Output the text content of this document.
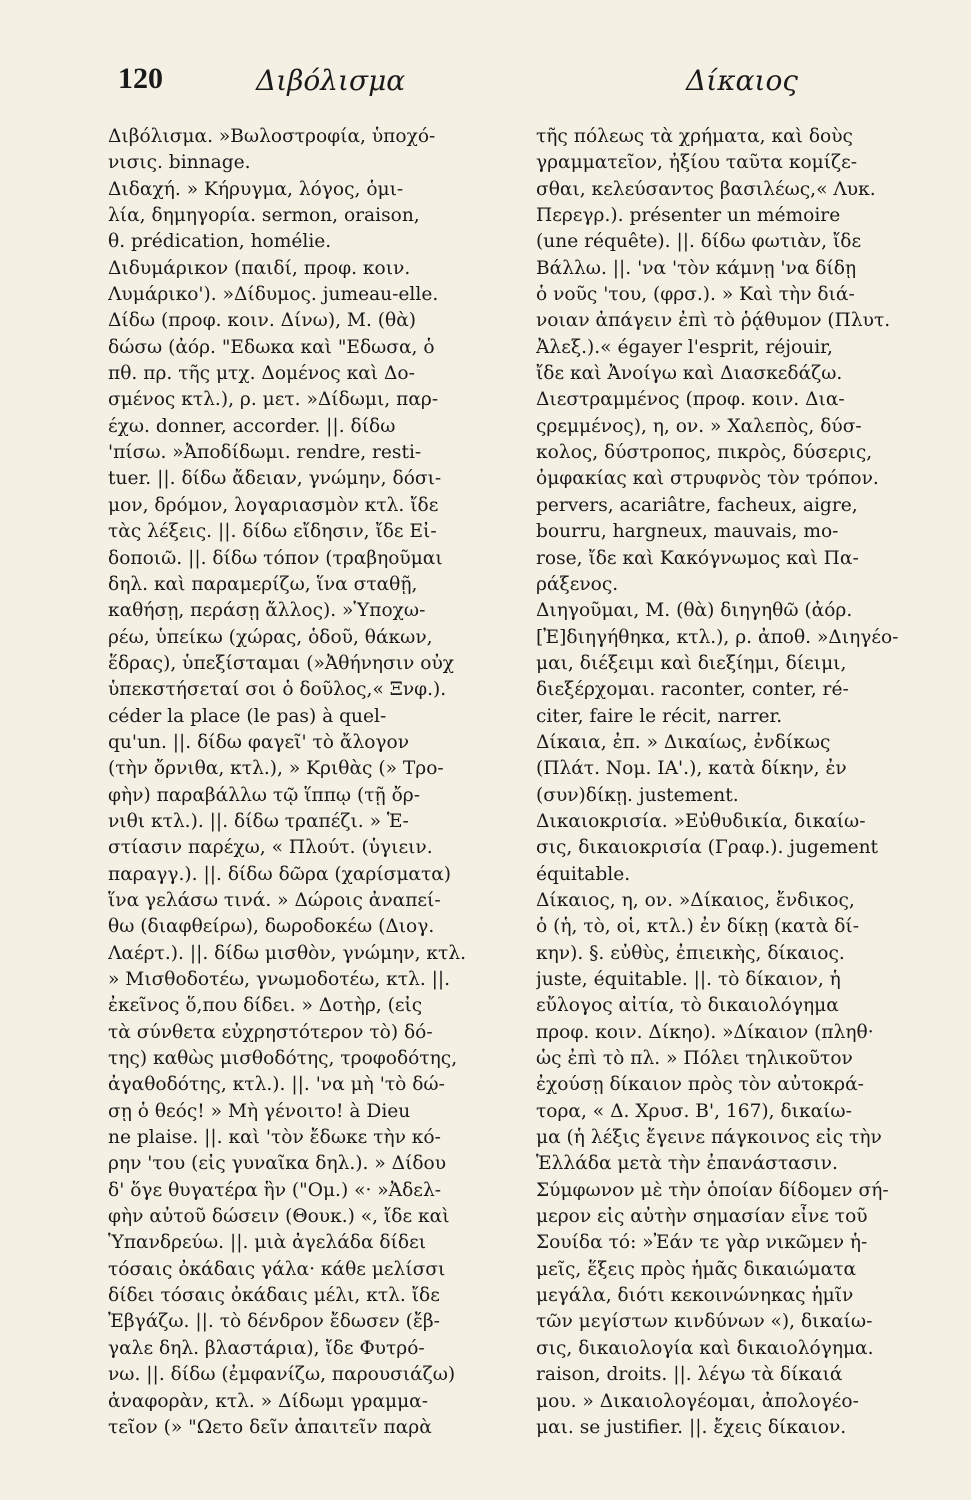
120	Διβόλισμα	Δίκαιος
Διβόλισμα. »Βωλοστροφία, ὑποχό-
νισις. binnage.
Διδαχή. » Κήρυγμα, λόγος, ὁμι-
λία, δημηγορία. sermon, oraison,
θ. prédication, homélie.
Διδυμάρικον (παιδί, προφ. κοιν.
Λυμάρικο'). »Δίδυμος. jumeau-elle.
Δίδω (προφ. κοιν. Δίνω), Μ. (θὰ)
δώσω (ἀόρ. "Εδωκα καὶ "Εδωσα, ὁ
πθ. πρ. τῆς μτχ. Δομένος καὶ Δο-
σμένος κτλ.), ρ. μετ. »Δίδωμι, παρ-
έχω. donner, accorder. ||. δίδω
'πίσω. »Ἀποδίδωμι. rendre, resti-
tuer. ||. δίδω ἄδειαν, γνώμην, δόσι-
μον, δρόμον, λογαριασμὸν κτλ. ἴδε
τὰς λέξεις. ||. δίδω εἴδησιν, ἴδε Εἰ-
δοποιῶ. ||. δίδω τόπον (τραβηοῦμαι
δηλ. καὶ παραμερίζω, ἵνα σταθῇ,
καθήσῃ, περάσῃ ἄλλος). »Ὑποχω-
ρέω, ὑπείκω (χώρας, ὁδοῦ, θάκων,
ἕδρας), ὑπεξίσταμαι (»Ἀθήνησιν οὐχ
ὑπεκστήσεταί σοι ὁ δοῦλος,« Ξνφ.).
céder la place (le pas) à quel-
qu'un. ||. δίδω φαγεῖ' τὸ ἄλογον
(τὴν ὄρνιθα, κτλ.), » Κριθὰς (» Τρο-
φὴν) παραβάλλω τῷ ἵππῳ (τῇ ὄρ-
νιθι κτλ.). ||. δίδω τραπέζι. » Ἑ-
στίασιν παρέχω, « Πλούτ. (ὑγιειν.
παραγγ.). ||. δίδω δῶρα (χαρίσματα)
ἵνα γελάσω τινά. » Δώροις ἀναπεί-
θω (διαφθείρω), δωροδοκέω (Διογ.
Λαέρτ.). ||. δίδω μισθὸν, γνώμην, κτλ.
» Μισθοδοτέω, γνωμοδοτέω, κτλ. ||.
ἐκεῖνος ὅ,που δίδει. » Δοτὴρ, (εἰς
τὰ σύνθετα εὐχρηστότερον τὸ) δό-
της) καθὼς μισθοδότης, τροφοδότης,
ἀγαθοδότης, κτλ.). ||. 'να μὴ 'τὸ δώ-
σῃ ὁ θεός! » Μὴ γένοιτο! à Dieu
ne plaise. ||. καὶ 'τὸν ἔδωκε τὴν κό-
ρην 'του (εἰς γυναῖκα δηλ.). » Δίδου
δ' ὅγε θυγατέρα ἣν ("Ομ.) «· »Ἀδελ-
φὴν αὐτοῦ δώσειν (Θουκ.) «, ἴδε καὶ
Ὑπανδρεύω. ||. μιὰ ἀγελάδα δίδει
τόσαις ὀκάδαις γάλα· κάθε μελίσσι
δίδει τόσαις ὀκάδαις μέλι, κτλ. ἴδε
Ἐβγάζω. ||. τὸ δένδρον ἔδωσεν (ἔβ-
γαλε δηλ. βλαστάρια), ἴδε Φυτρό-
νω. ||. δίδω (ἐμφανίζω, παρουσιάζω)
ἀναφορὰν, κτλ. » Δίδωμι γραμμα-
τεῖον (» "Ωετο δεῖν ἀπαιτεῖν παρὰ
τῆς πόλεως τὰ χρήματα, καὶ δοὺς
γραμματεῖον, ἠξίου ταῦτα κομίζε-
σθαι, κελεύσαντος βασιλέως,« Λυκ.
Περεγρ.). présenter un mémoire
(une réquête). ||. δίδω φωτιὰν, ἴδε
Βάλλω. ||. 'να 'τὸν κάμνῃ 'να δίδῃ
ὁ νοῦς 'του, (φρσ.). » Καὶ τὴν διά-
νοιαν ἀπάγειν ἐπὶ τὸ ῥᾴθυμον (Πλυτ.
Ἀλεξ.).« égayer l'esprit, réjouir,
ἴδε καὶ Ἀνοίγω καὶ Διασκεδάζω.
Διεστραμμένος (προφ. κοιν. Δια-
ςρεμμένος), η, ον. » Χαλεπὸς, δύσ-
κολος, δύστροπος, πικρὸς, δύσερις,
ὀμφακίας καὶ στρυφνὸς τὸν τρόπον.
pervers, acariâtre, facheux, aigre,
bourru, hargneux, mauvais, mo-
rose, ἴδε καὶ Κακόγνωμος καὶ Πα-
ράξενος.
Διηγοῦμαι, Μ. (θὰ) διηγηθῶ (ἀόρ.
[Ἐ]διηγήθηκα, κτλ.), ρ. ἀποθ. »Διηγέο-
μαι, διέξειμι καὶ διεξίημι, δίειμι,
διεξέρχομαι. raconter, conter, ré-
citer, faire le récit, narrer.
Δίκαια, ἐπ. » Δικαίως, ἐνδίκως
(Πλάτ. Νομ. ΙΑ'.), κατὰ δίκην, ἐν
(συν)δίκῃ. justement.
Δικαιοκρισία. »Εὐθυδικία, δικαίω-
σις, δικαιοκρισία (Γραφ.). jugement
équitable.
Δίκαιος, η, ον. »Δίκαιος, ἔνδικος,
ὁ (ἡ, τὸ, οἱ, κτλ.) ἐν δίκῃ (κατὰ δί-
κην). §. εὐθὺς, ἐπιεικὴς, δίκαιος.
juste, équitable. ||. τὸ δίκαιον, ἡ
εὔλογος αἰτία, τὸ δικαιολόγημα
προφ. κοιν. Δίκηο). »Δίκαιον (πληθ·
ὡς ἐπὶ τὸ πλ. » Πόλει τηλικοῦτον
ἐχούσῃ δίκαιον πρὸς τὸν αὐτοκρά-
τορα, « Δ. Χρυσ. Β', 167), δικαίω-
μα (ἡ λέξις ἔγεινε πάγκοινος εἰς τὴν
Ἑλλάδα μετὰ τὴν ἐπανάστασιν.
Σύμφωνον μὲ τὴν ὁποίαν δίδομεν σή-
μερον εἰς αὐτὴν σημασίαν εἶνε τοῦ
Σουίδα τό: »Ἐάν τε γὰρ νικῶμεν ἡ-
μεῖς, ἕξεις πρὸς ἡμᾶς δικαιώματα
μεγάλα, διότι κεκοινώνηκας ἡμῖν
τῶν μεγίστων κινδύνων «), δικαίω-
σις, δικαιολογία καὶ δικαιολόγημα.
raison, droits. ||. λέγω τὰ δίκαιά
μου. » Δικαιολογέομαι, ἀπολογέο-
μαι. se justifier. ||. ἔχεις δίκαιον.
